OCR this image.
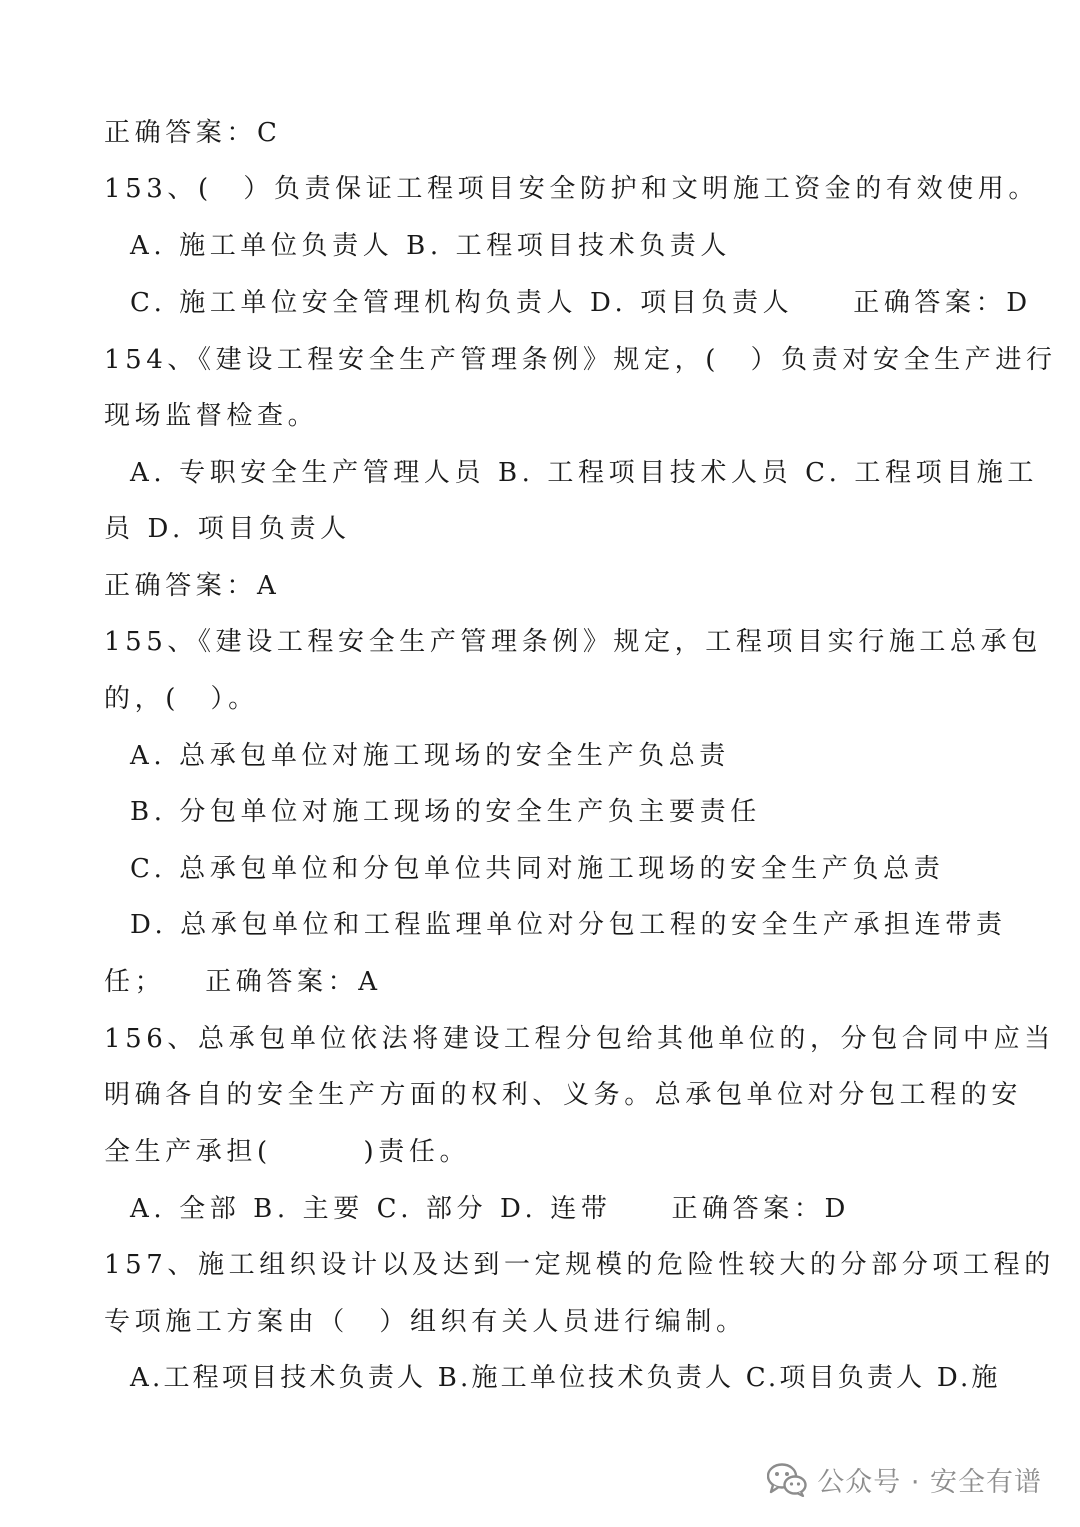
正确答案：C
153、(　）负责保证工程项目安全防护和文明施工资金的有效使用。
A. 施工单位负责人 B. 工程项目技术负责人
C. 施工单位安全管理机构负责人 D. 项目负责人 正确答案：D
154、《建设工程安全生产管理条例》规定，(　）负责对安全生产进行
现场监督检查。
A. 专职安全生产管理人员 B. 工程项目技术人员 C. 工程项目施工
员 D. 项目负责人
正确答案：A
155、《建设工程安全生产管理条例》规定，工程项目实行施工总承包
的，(　）。
A. 总承包单位对施工现场的安全生产负总责
B. 分包单位对施工现场的安全生产负主要责任
C. 总承包单位和分包单位共同对施工现场的安全生产负总责
D. 总承包单位和工程监理单位对分包工程的安全生产承担连带责
任； 正确答案：A
156、总承包单位依法将建设工程分包给其他单位的，分包合同中应当
明确各自的安全生产方面的权利、义务。总承包单位对分包工程的安
全生产承担(　　　)责任。
A. 全部 B. 主要 C. 部分 D. 连带 正确答案：D
157、施工组织设计以及达到一定规模的危险性较大的分部分项工程的
专项施工方案由（　）组织有关人员进行编制。
A.工程项目技术负责人 B.施工单位技术负责人 C.项目负责人 D.施
公众号 · 安全有谱
